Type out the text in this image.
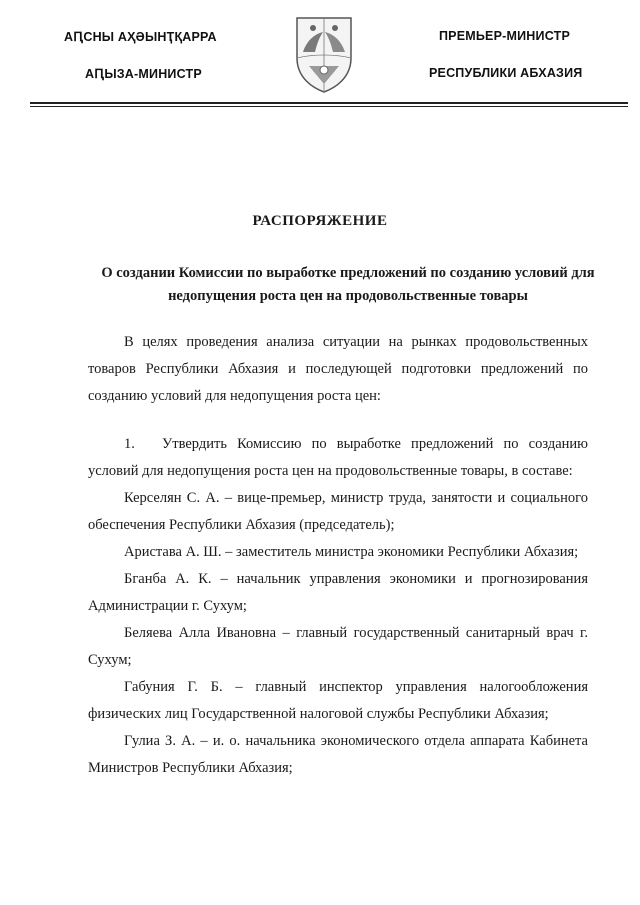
АԤСНЫ АҲӘЫНҬҚАРРА
АԤЫЗА-МИНИСТР
ПРЕМЬЕР-МИНИСТР
РЕСПУБЛИКИ АБХАЗИЯ
РАСПОРЯЖЕНИЕ
О создании Комиссии по выработке предложений по созданию условий для недопущения роста цен на продовольственные товары

В целях проведения анализа ситуации на рынках продовольственных товаров Республики Абхазия и последующей подготовки предложений по созданию условий для недопущения роста цен:

1. Утвердить Комиссию по выработке предложений по созданию условий для недопущения роста цен на продовольственные товары, в составе:

Керселян С. А. – вице-премьер, министр труда, занятости и социального обеспечения Республики Абхазия (председатель);

Аристава А. Ш. – заместитель министра экономики Республики Абхазия;

Бганба А. К. – начальник управления экономики и прогнозирования Администрации г. Сухум;

Беляева Алла Ивановна – главный государственный санитарный врач г. Сухум;

Габуния Г. Б. – главный инспектор управления налогообложения физических лиц Государственной налоговой службы Республики Абхазия;

Гулиа З. А. – и. о. начальника экономического отдела аппарата Кабинета Министров Республики Абхазия;
